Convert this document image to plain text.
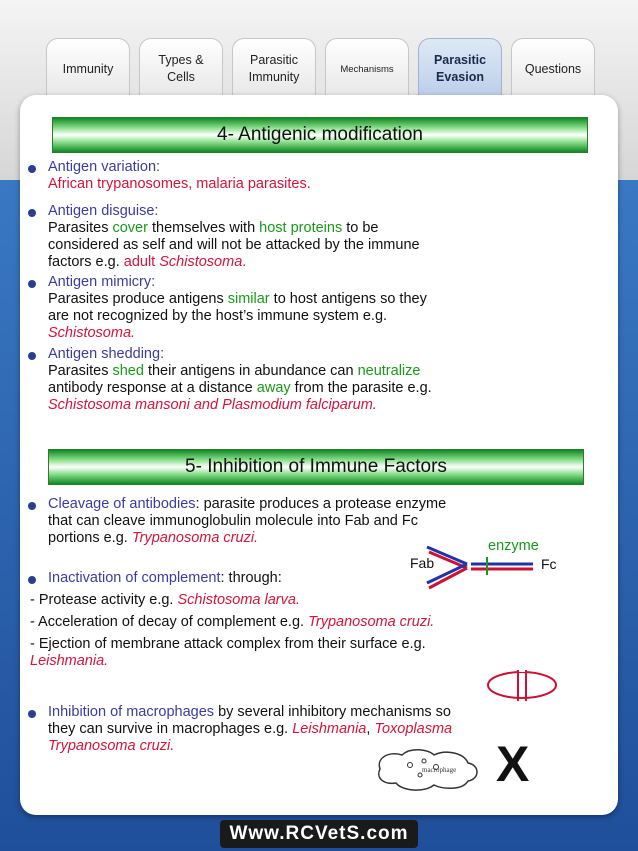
Immunity
Types &
Cells
Parasitic
Immunity
Mechanisms
Parasitic
Evasion
Questions
4- Antigenic modification
Antigen variation:
African trypanosomes, malaria parasites.
Antigen disguise:
Parasites cover themselves with host proteins to be
considered as self and will not be attacked by the immune
factors e.g. adult Schistosoma.
Antigen mimicry:
Parasites produce antigens similar to host antigens so they
are not recognized by the host’s immune system e.g.
Schistosoma.
Antigen shedding:
Parasites shed their antigens in abundance can neutralize
antibody response at a distance away from the parasite e.g.
Schistosoma mansoni and Plasmodium falciparum.
5- Inhibition of Immune Factors
Cleavage of antibodies: parasite produces a protease enzyme
that can cleave immunoglobulin molecule into Fab and Fc
portions e.g. Trypanosoma cruzi.
Inactivation of complement: through:
- Protease activity e.g. Schistosoma larva.
- Acceleration of decay of complement e.g. Trypanosoma cruzi.
- Ejection of membrane attack complex from their surface e.g.
Leishmania.
Inhibition of macrophages by several inhibitory mechanisms so
they can survive in macrophages e.g. Leishmania, Toxoplasma
Trypanosoma cruzi.
Fab	Fc
enzyme
macrophage X
Www.RCVetS.com
